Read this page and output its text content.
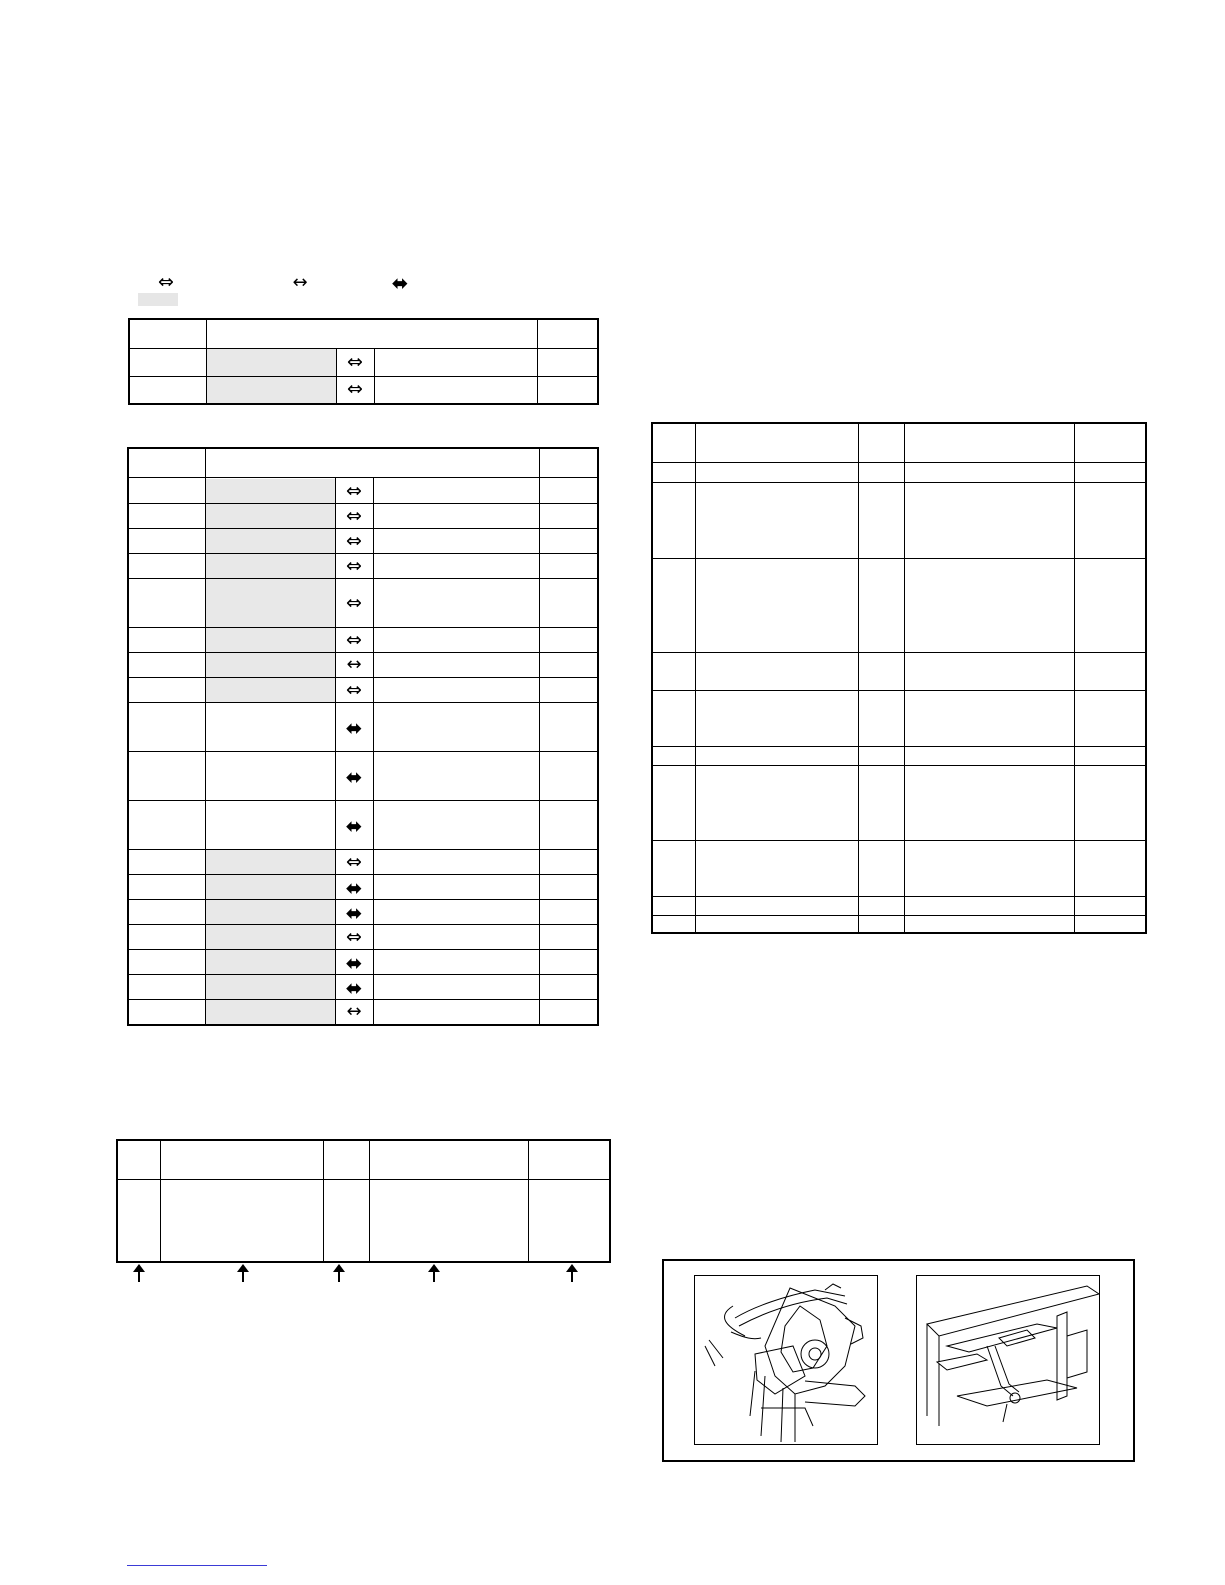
⇔	↔	⬌
⇔
⇔
⇔
⇔
⇔
⇔
⇔
⇔
↔
⇔
⬌
⬌
⬌
⇔
⬌
⬌
⇔
⬌
⬌
↔
